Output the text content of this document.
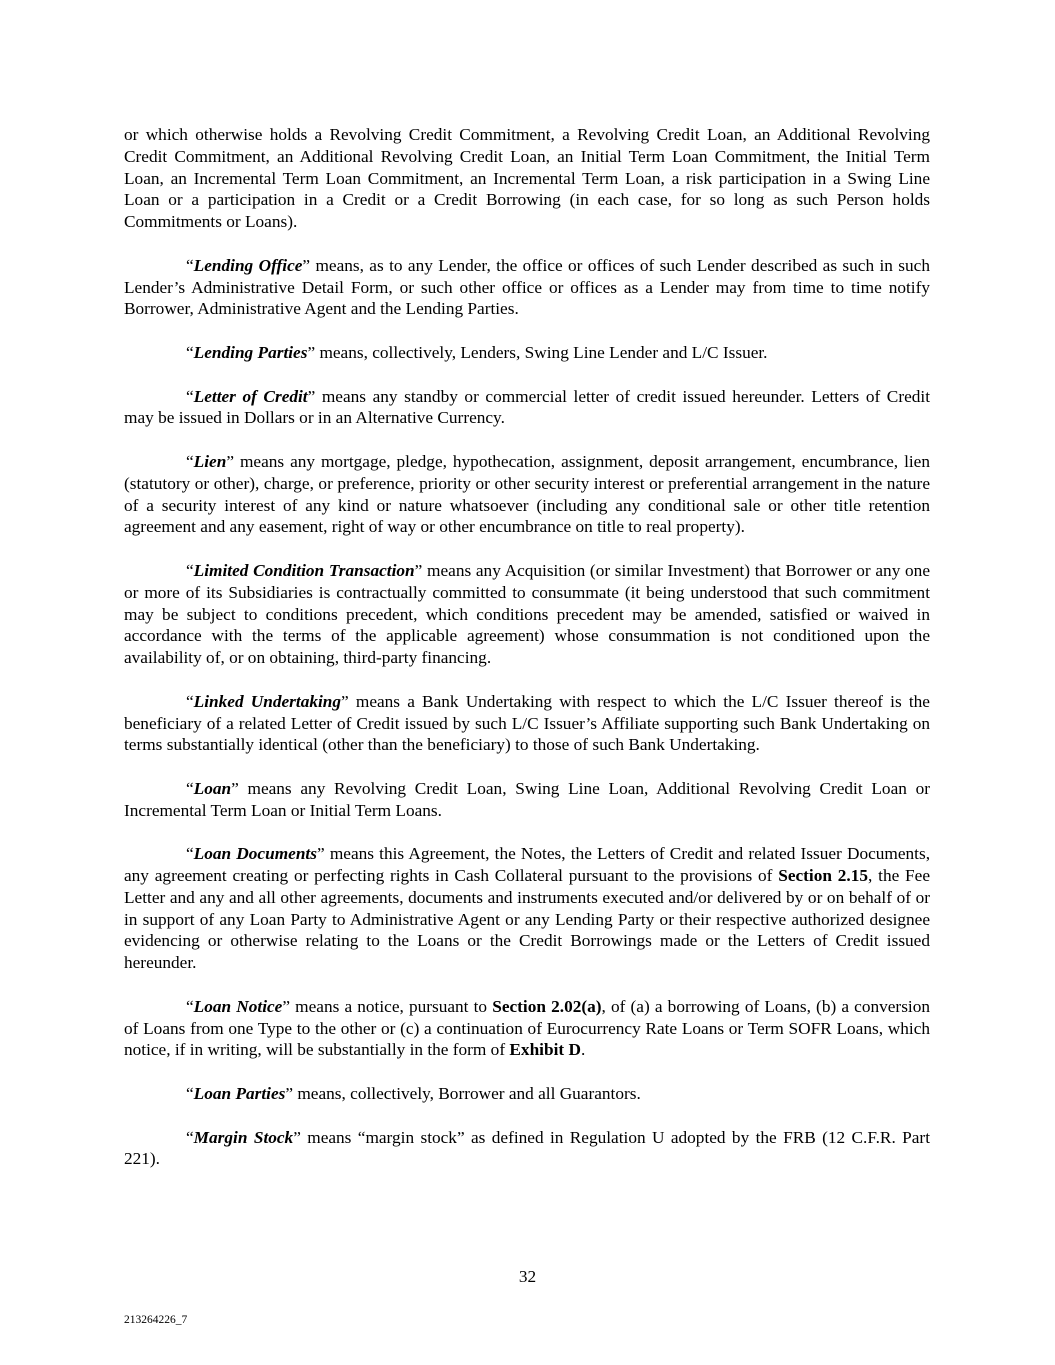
or which otherwise holds a Revolving Credit Commitment, a Revolving Credit Loan, an Additional Revolving Credit Commitment, an Additional Revolving Credit Loan, an Initial Term Loan Commitment, the Initial Term Loan, an Incremental Term Loan Commitment, an Incremental Term Loan, a risk participation in a Swing Line Loan or a participation in a Credit or a Credit Borrowing (in each case, for so long as such Person holds Commitments or Loans).

“Lending Office” means, as to any Lender, the office or offices of such Lender described as such in such Lender’s Administrative Detail Form, or such other office or offices as a Lender may from time to time notify Borrower, Administrative Agent and the Lending Parties.

“Lending Parties” means, collectively, Lenders, Swing Line Lender and L/C Issuer.

“Letter of Credit” means any standby or commercial letter of credit issued hereunder. Letters of Credit may be issued in Dollars or in an Alternative Currency.

“Lien” means any mortgage, pledge, hypothecation, assignment, deposit arrangement, encumbrance, lien (statutory or other), charge, or preference, priority or other security interest or preferential arrangement in the nature of a security interest of any kind or nature whatsoever (including any conditional sale or other title retention agreement and any easement, right of way or other encumbrance on title to real property).

“Limited Condition Transaction” means any Acquisition (or similar Investment) that Borrower or any one or more of its Subsidiaries is contractually committed to consummate (it being understood that such commitment may be subject to conditions precedent, which conditions precedent may be amended, satisfied or waived in accordance with the terms of the applicable agreement) whose consummation is not conditioned upon the availability of, or on obtaining, third-party financing.

“Linked Undertaking” means a Bank Undertaking with respect to which the L/C Issuer thereof is the beneficiary of a related Letter of Credit issued by such L/C Issuer’s Affiliate supporting such Bank Undertaking on terms substantially identical (other than the beneficiary) to those of such Bank Undertaking.

“Loan” means any Revolving Credit Loan, Swing Line Loan, Additional Revolving Credit Loan or Incremental Term Loan or Initial Term Loans.

“Loan Documents” means this Agreement, the Notes, the Letters of Credit and related Issuer Documents, any agreement creating or perfecting rights in Cash Collateral pursuant to the provisions of Section 2.15, the Fee Letter and any and all other agreements, documents and instruments executed and/or delivered by or on behalf of or in support of any Loan Party to Administrative Agent or any Lending Party or their respective authorized designee evidencing or otherwise relating to the Loans or the Credit Borrowings made or the Letters of Credit issued hereunder.

“Loan Notice” means a notice, pursuant to Section 2.02(a), of (a) a borrowing of Loans, (b) a conversion of Loans from one Type to the other or (c) a continuation of Eurocurrency Rate Loans or Term SOFR Loans, which notice, if in writing, will be substantially in the form of Exhibit D.

“Loan Parties” means, collectively, Borrower and all Guarantors.

“Margin Stock” means “margin stock” as defined in Regulation U adopted by the FRB (12 C.F.R. Part 221).

32
213264226_7
